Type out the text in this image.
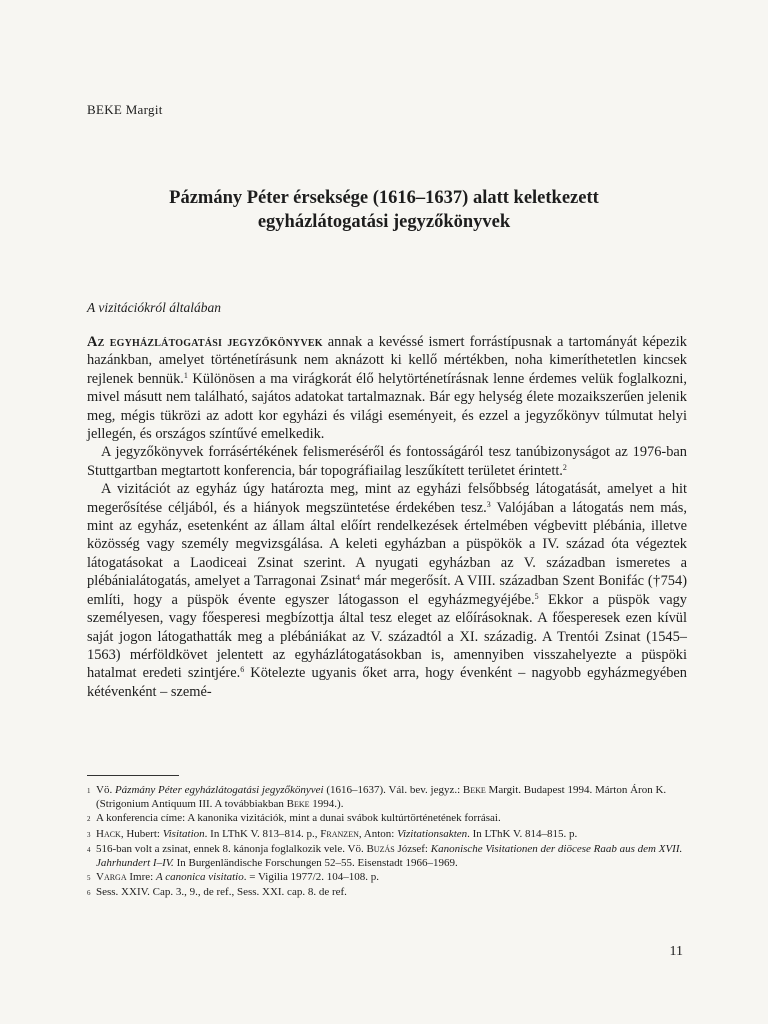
BEKE Margit
Pázmány Péter érseksége (1616–1637) alatt keletkezett
egyházlátogatási jegyzőkönyvek
A vizitációkról általában

Az egyházlátogatási jegyzőkönyvek annak a kevéssé ismert forrástípusnak a tartományát képezik hazánkban, amelyet történetírásunk nem aknázott ki kellő mértékben, noha kimeríthetetlen kincsek rejlenek bennük.$^1$ Különösen a ma virágkorát élő helytörténetírásnak lenne érdemes velük foglalkozni, mivel másutt nem található, sajátos adatokat tartalmaznak. Bár egy helység élete mozaikszerűen jelenik meg, mégis tükrözi az adott kor egyházi és világi eseményeit, és ezzel a jegyzőkönyv túlmutat helyi jellegén, és országos színtűvé emelkedik.

A jegyzőkönyvek forrásértékének felismeréséről és fontosságáról tesz tanúbizonyságot az 1976-ban Stuttgartban megtartott konferencia, bár topográfiailag leszűkített területet érintett.$^2$

A vizitációt az egyház úgy határozta meg, mint az egyházi felsőbbség látogatását, amelyet a hit megerősítése céljából, és a hiányok megszüntetése érdekében tesz.$^3$ Valójában a látogatás nem más, mint az egyház, esetenként az állam által előírt rendelkezések értelmében végbevitt plébánia, illetve közösség vagy személy megvizsgálása. A keleti egyházban a püspökök a IV. század óta végeztek látogatásokat a Laodiceai Zsinat szerint. A nyugati egyházban az V. században ismeretes a plébánialátogatás, amelyet a Tarragonai Zsinat$^4$ már megerősít. A VIII. században Szent Bonifác (†754) említi, hogy a püspök évente egyszer látogasson el egyházmegyéjébe.$^5$ Ekkor a püspök vagy személyesen, vagy főesperesi megbízottja által tesz eleget az előírásoknak. A főesperesek ezen kívül saját jogon látogathatták meg a plébániákat az V. századtól a XI. századig. A Trentói Zsinat (1545–1563) mérföldkövet jelentett az egyházlátogatásokban is, amennyiben visszahelyezte a püspöki hatalmat eredeti szintjére.$^6$ Kötelezte ugyanis őket arra, hogy évenként – nagyobb egyházmegyében kétévenként – szemé-

1 Vö. Pázmány Péter egyházlátogatási jegyzőkönyvei (1616–1637). Vál. bev. jegyz.: Beke Margit. Budapest 1994. Márton Áron K. (Strigonium Antiquum III. A továbbiakban Beke 1994.).
2 A konferencia címe: A kanonika vizitációk, mint a dunai svábok kultúrtörténetének forrásai.
3 Hack, Hubert: Visitation. In LThK V. 813–814. p., Franzen, Anton: Vizitationsakten. In LThK V. 814–815. p.
4 516-ban volt a zsinat, ennek 8. kánonja foglalkozik vele. Vö. Buzás József: Kanonische Visitationen der diöcese Raab aus dem XVII. Jahrhundert I–IV. In Burgenländische Forschungen 52–55. Eisenstadt 1966–1969.
5 Varga Imre: A canonica visitatio. = Vigilia 1977/2. 104–108. p.
6 Sess. XXIV. Cap. 3., 9., de ref., Sess. XXI. cap. 8. de ref.
11
